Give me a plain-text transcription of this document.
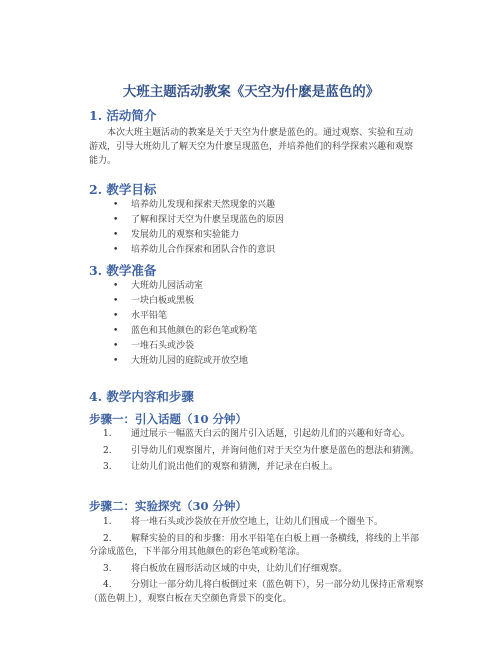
大班主题活动教案《天空为什麽是蓝色的》
1. 活动简介

本次大班主题活动的教案是关于天空为什麽是蓝色的。通过观察、实验和互动游戏，引导大班幼儿了解天空为什麽呈现蓝色，并培养他们的科学探索兴趣和观察能力。

2. 教学目标
• 培养幼儿发现和探索天然现象的兴趣
• 了解和探讨天空为什麽呈现蓝色的原因
• 发展幼儿的观察和实验能力
• 培养幼儿合作探索和团队合作的意识
3. 教学准备
• 大班幼儿园活动室
• 一块白板或黑板
• 水平铅笔
• 蓝色和其他颜色的彩色笔或粉笔
• 一堆石头或沙袋
• 大班幼儿园的庭院或开放空地
4. 教学内容和步骤
步骤一：引入话题（10 分钟）
1.	通过展示一幅蓝天白云的图片引入话题，引起幼儿们的兴趣和好奇心。
2.	引导幼儿们观察图片，并询问他们对于天空为什麽是蓝色的想法和猜测。
3.	让幼儿们说出他们的观察和猜测，并记录在白板上。
步骤二：实验探究（30 分钟）
1.	将一堆石头或沙袋放在开放空地上，让幼儿们围成一个圈坐下。
2.	解释实验的目的和步骤：用水平铅笔在白板上画一条横线，将线的上半部分涂成蓝色，下半部分用其他颜色的彩色笔或粉笔涂。
3.	将白板放在圆形活动区域的中央，让幼儿们仔细观察。
4.	分别让一部分幼儿将白板倒过来（蓝色朝下），另一部分幼儿保持正常观察（蓝色朝上），观察白板在天空颜色背景下的变化。
